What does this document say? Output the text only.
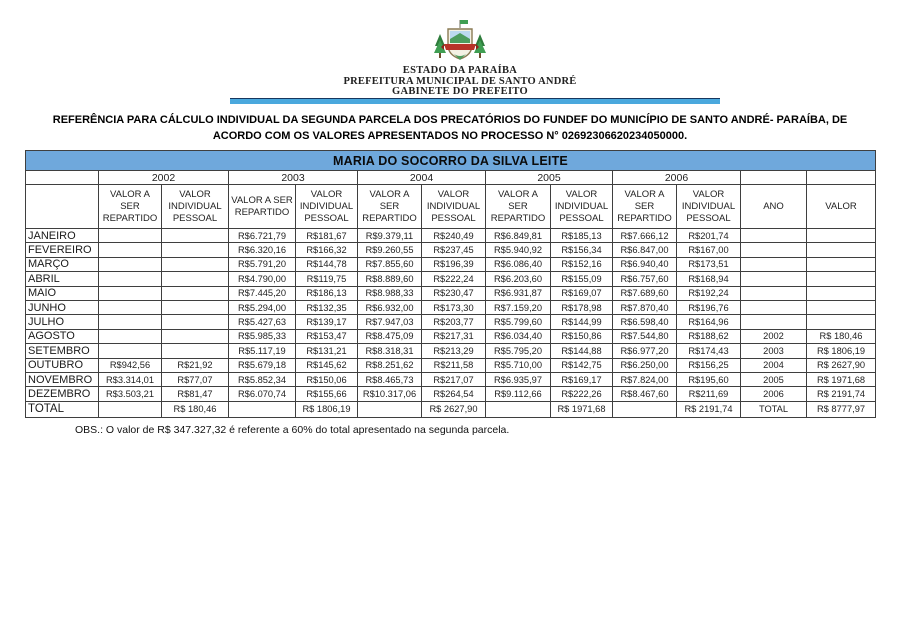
ESTADO DA PARAÍBA
PREFEITURA MUNICIPAL DE SANTO ANDRÉ
GABINETE DO PREFEITO
REFERÊNCIA PARA CÁLCULO INDIVIDUAL DA SEGUNDA PARCELA DOS PRECATÓRIOS DO FUNDEF DO MUNICÍPIO DE SANTO ANDRÉ- PARAÍBA, DE ACORDO COM OS VALORES APRESENTADOS NO PROCESSO N° 02692306620234050000.
MARIA DO SOCORRO DA SILVA LEITE												
	2002		2003		2004		2005		2006			
	VALOR A SER REPARTIDO	VALOR INDIVIDUAL PESSOAL	VALOR A SER REPARTIDO	VALOR INDIVIDUAL PESSOAL	VALOR A SER REPARTIDO	VALOR INDIVIDUAL PESSOAL	VALOR A SER REPARTIDO	VALOR INDIVIDUAL PESSOAL	VALOR A SER REPARTIDO	VALOR INDIVIDUAL PESSOAL	ANO	VALOR
JANEIRO			R$6.721,79	R$181,67	R$9.379,11	R$240,49	R$6.849,81	R$185,13	R$7.666,12	R$201,74		
FEVEREIRO			R$6.320,16	R$166,32	R$9.260,55	R$237,45	R$5.940,92	R$156,34	R$6.847,00	R$167,00		
MARÇO			R$5.791,20	R$144,78	R$7.855,60	R$196,39	R$6.086,40	R$152,16	R$6.940,40	R$173,51		
ABRIL			R$4.790,00	R$119,75	R$8.889,60	R$222,24	R$6.203,60	R$155,09	R$6.757,60	R$168,94		
MAIO			R$7.445,20	R$186,13	R$8.988,33	R$230,47	R$6.931,87	R$169,07	R$7.689,60	R$192,24		
JUNHO			R$5.294,00	R$132,35	R$6.932,00	R$173,30	R$7.159,20	R$178,98	R$7.870,40	R$196,76		
JULHO			R$5.427,63	R$139,17	R$7.947,03	R$203,77	R$5.799,60	R$144,99	R$6.598,40	R$164,96		
AGOSTO			R$5.985,33	R$153,47	R$8.475,09	R$217,31	R$6.034,40	R$150,86	R$7.544,80	R$188,62	2002	R$ 180,46
SETEMBRO			R$5.117,19	R$131,21	R$8.318,31	R$213,29	R$5.795,20	R$144,88	R$6.977,20	R$174,43	2003	R$ 1806,19
OUTUBRO	R$942,56	R$21,92	R$5.679,18	R$145,62	R$8.251,62	R$211,58	R$5.710,00	R$142,75	R$6.250,00	R$156,25	2004	R$ 2627,90
NOVEMBRO	R$3.314,01	R$77,07	R$5.852,34	R$150,06	R$8.465,73	R$217,07	R$6.935,97	R$169,17	R$7.824,00	R$195,60	2005	R$ 1971,68
DEZEMBRO	R$3.503,21	R$81,47	R$6.070,74	R$155,66	R$10.317,06	R$264,54	R$9.112,66	R$222,26	R$8.467,60	R$211,69	2006	R$ 2191,74
TOTAL		R$ 180,46		R$ 1806,19		R$ 2627,90		R$ 1971,68		R$ 2191,74	TOTAL	R$ 8777,97
OBS.: O valor de R$ 347.327,32 é referente a 60% do total apresentado na segunda parcela.
